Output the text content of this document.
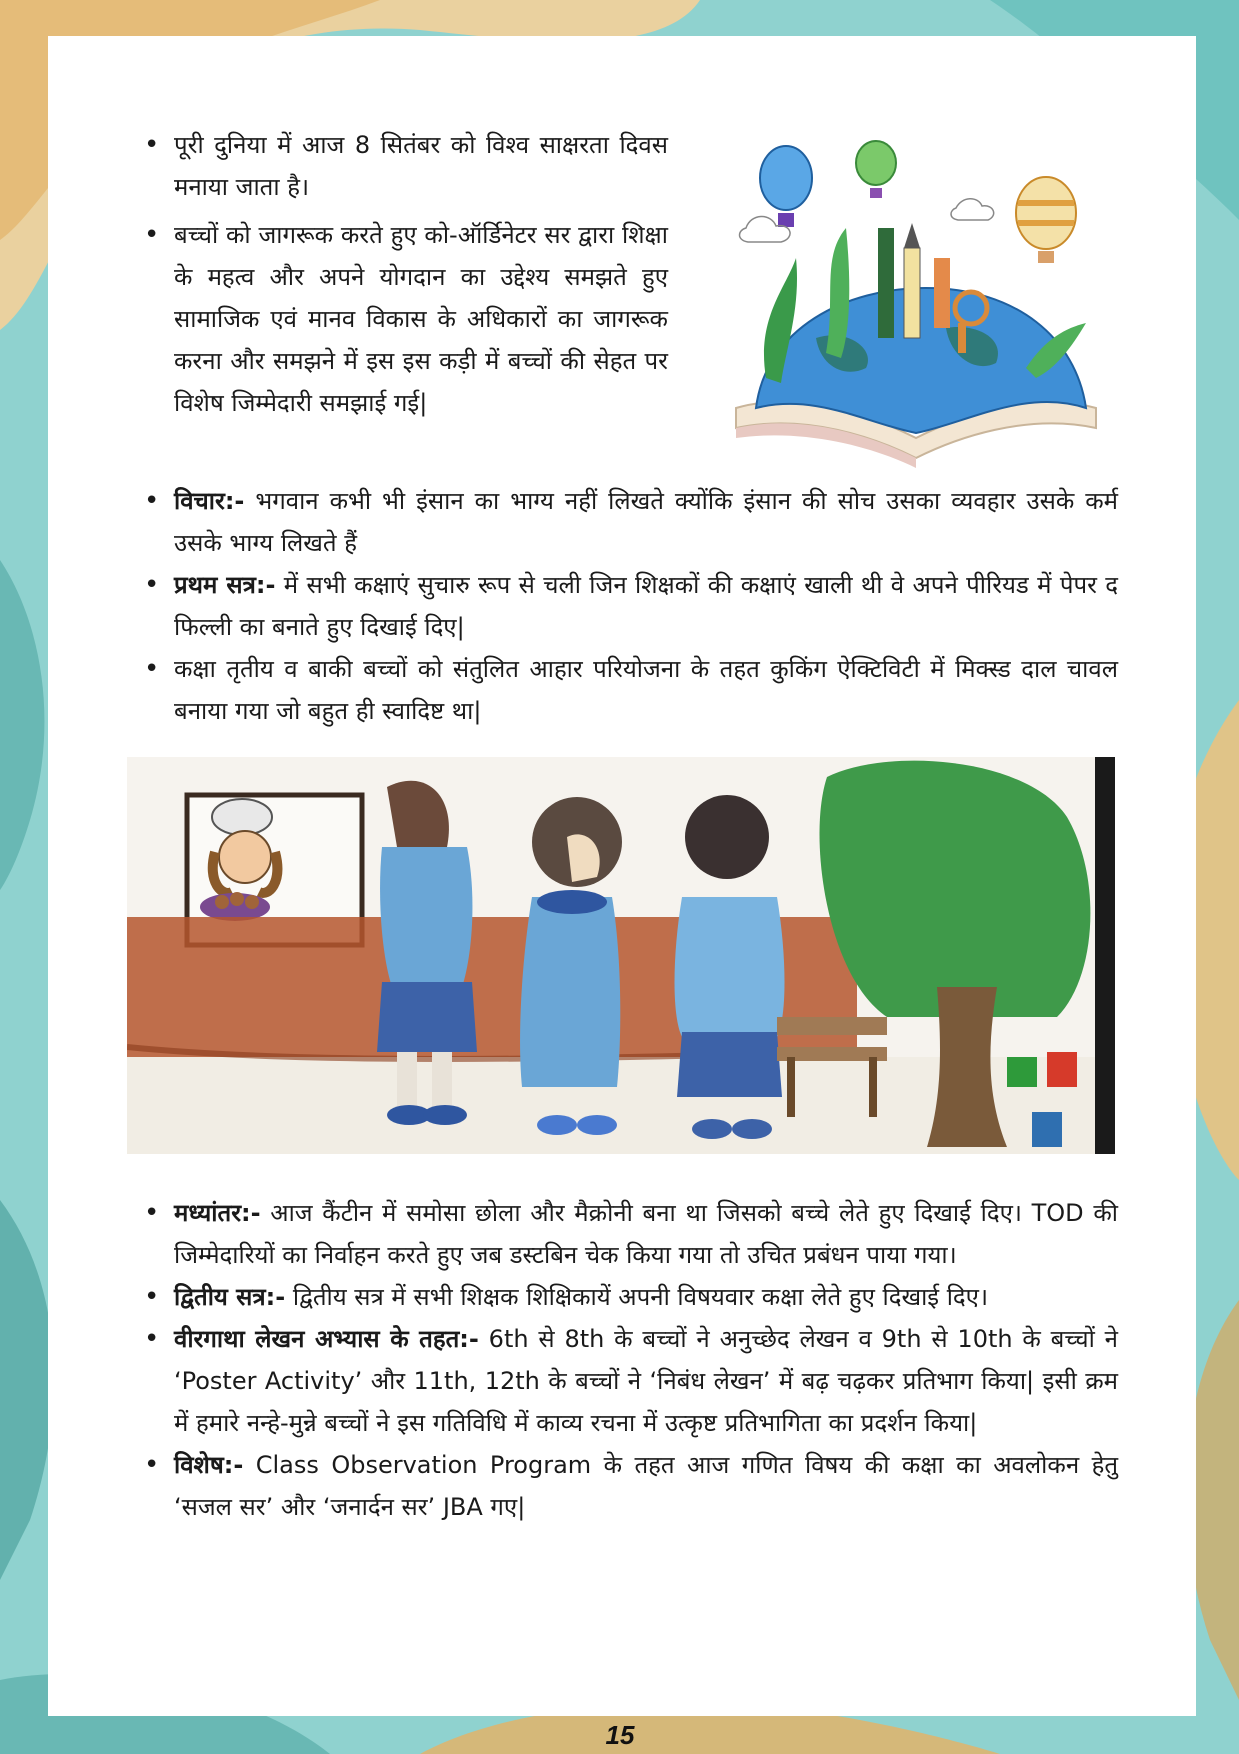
• पूरी दुनिया में आज 8 सितंबर को विश्व साक्षरता दिवस मनाया जाता है।
• बच्चों को जागरूक करते हुए को-ऑर्डिनेटर सर द्वारा शिक्षा के महत्व और अपने योगदान का उद्देश्य समझते हुए सामाजिक एवं मानव विकास के अधिकारों का जागरूक करना और समझने में इस इस कड़ी में बच्चों की सेहत पर विशेष जिम्मेदारी समझाई गई|
• विचार:- भगवान कभी भी इंसान का भाग्य नहीं लिखते क्योंकि इंसान की सोच उसका व्यवहार उसके कर्म उसके भाग्य लिखते हैं
• प्रथम सत्र:- में सभी कक्षाएं सुचारु रूप से चली जिन शिक्षकों की कक्षाएं खाली थी वे अपने पीरियड में पेपर द फिल्ली का बनाते हुए दिखाई दिए|
• कक्षा तृतीय व बाकी बच्चों को संतुलित आहार परियोजना के तहत कुकिंग ऐक्टिविटी में मिक्स्ड दाल चावल बनाया गया जो बहुत ही स्वादिष्ट था|
• मध्यांतर:- आज कैंटीन में समोसा छोला और मैक्रोनी बना था जिसको बच्चे लेते हुए दिखाई दिए। TOD की जिम्मेदारियों का निर्वाहन करते हुए जब डस्टबिन चेक किया गया तो उचित प्रबंधन पाया गया।
• द्वितीय सत्र:- द्वितीय सत्र में सभी शिक्षक शिक्षिकायें अपनी विषयवार कक्षा लेते हुए दिखाई दिए।
• वीरगाथा लेखन अभ्यास के तहत:- 6th से 8th के बच्चों ने अनुच्छेद लेखन व 9th से 10th के बच्चों ने ‘Poster Activity’ और 11th, 12th के बच्चों ने ‘निबंध लेखन’ में बढ़ चढ़कर प्रतिभाग किया| इसी क्रम में हमारे नन्हे-मुन्ने बच्चों ने इस गतिविधि में काव्य रचना में उत्कृष्ट प्रतिभागिता का प्रदर्शन किया|
• विशेष:- Class Observation Program के तहत आज गणित विषय की कक्षा का अवलोकन हेतु ‘सजल सर’ और ‘जनार्दन सर’ JBA गए|
15
